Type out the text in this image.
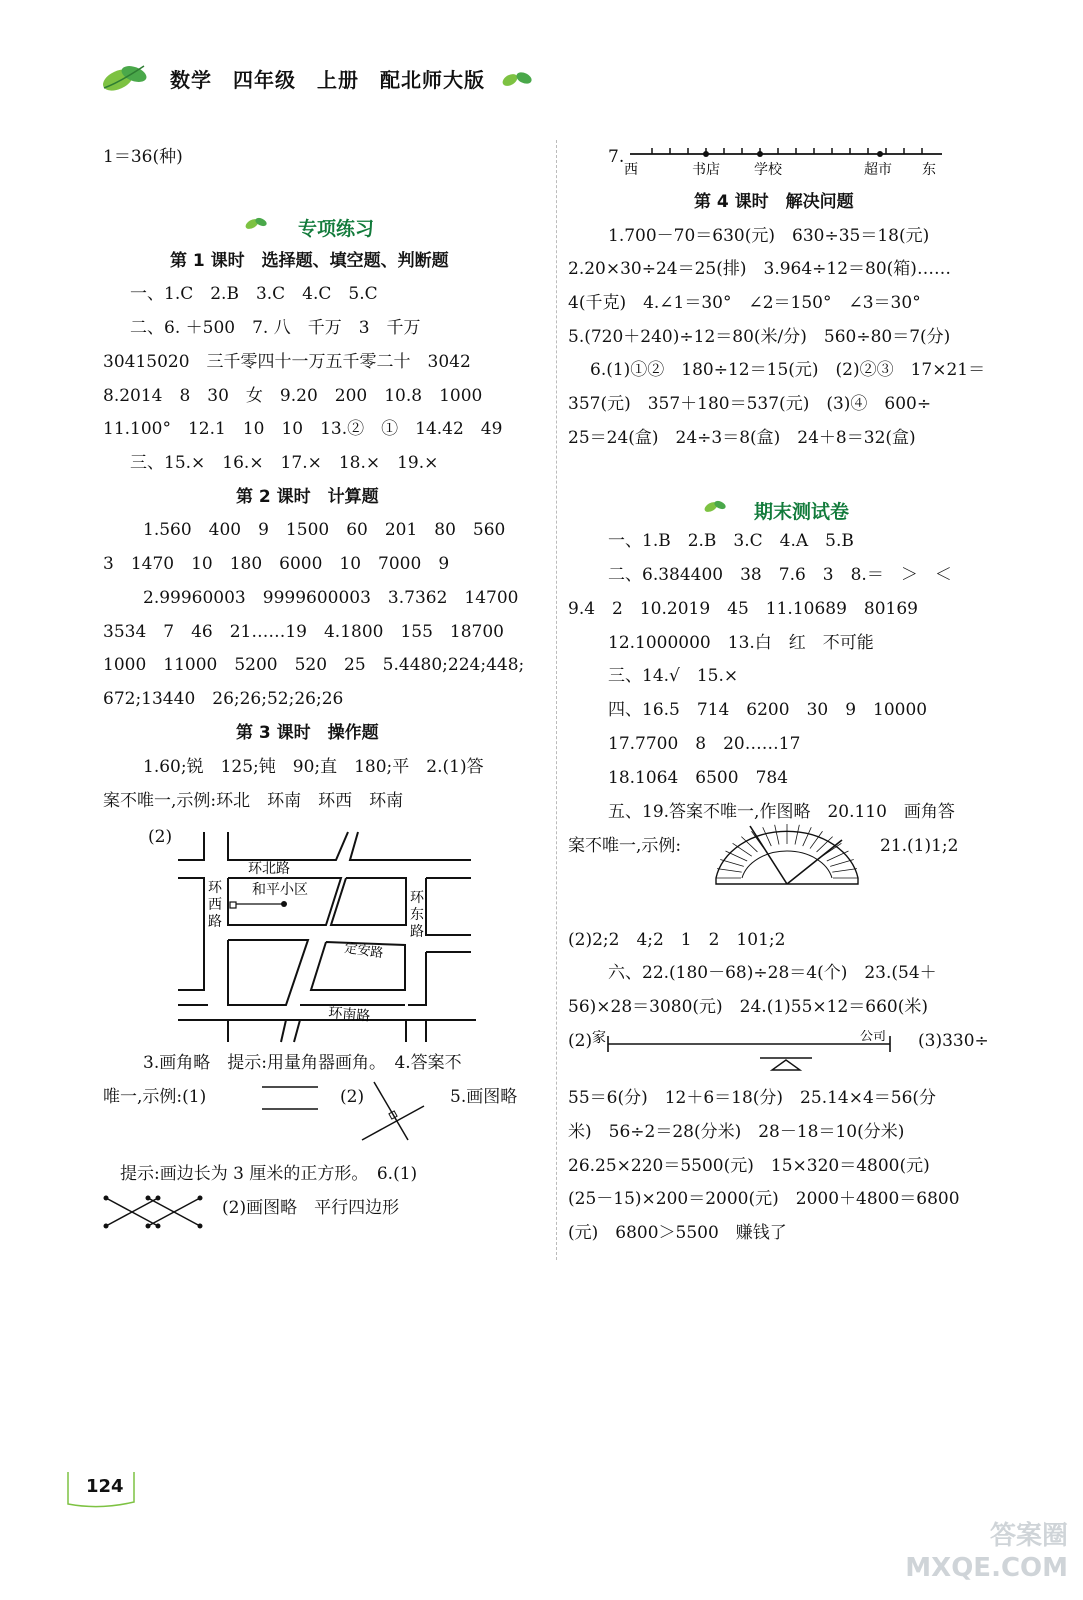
数学　四年级　上册　配北师大版
1＝36(种)
专项练习
第 1 课时　选择题、填空题、判断题
一、1.C　2.B　3.C　4.C　5.C
二、6. ＋500　7. 八　千万　3　千万
30415020　三千零四十一万五千零二十　3042
8.2014　8　30　女　9.20　200　10.8　1000
11.100°　12.1　10　10　13.②　①　14.42　49
三、15.×　16.×　17.×　18.×　19.×
第 2 课时　计算题
1.560　400　9　1500　60　201　80　560
3　1470　10　180　6000　10　7000　9
2.99960003　9999600003　3.7362　14700
3534　7　46　21……19　4.1800　155　18700
1000　11000　5200　520　25　5.4480;224;448;
672;13440　26;26;52;26;26
第 3 课时　操作题
1.60;锐　125;钝　90;直　180;平　2.(1)答
案不唯一,示例:环北　环南　环西　环南
(2)
环北路
和平小区
定安路
环南路
环西路
环东路
3.画角略　提示:用量角器画角。　4.答案不
唯一,示例:(1)	(2)	5.画图略
提示:画边长为 3 厘米的正方形。　6.(1)
(2)画图略　平行四边形
7.
西	书店 学校	超市 东
第 4 课时　解决问题
1.700－70＝630(元)　630÷35＝18(元)
2.20×30÷24＝25(排)　3.964÷12＝80(箱)……
4(千克)　4.∠1＝30°　∠2＝150°　∠3＝30°
5.(720＋240)÷12＝80(米/分)　560÷80＝7(分)
6.(1)①②　180÷12＝15(元)　(2)②③　17×21＝
357(元)　357＋180＝537(元)　(3)④　600÷
25＝24(盒)　24÷3＝8(盒)　24＋8＝32(盒)
期末测试卷
一、1.B　2.B　3.C　4.A　5.B
二、6.384400　38　7.6　3　8.＝　＞　＜
9.4　2　10.2019　45　11.10689　80169
12.1000000　13.白　红　不可能
三、14.√　15.×
四、16.5　714　6200　30　9　10000
17.7700　8　20……17
18.1064　6500　784
五、19.答案不唯一,作图略　20.110　画角答
案不唯一,示例:	21.(1)1;2
(2)2;2　4;2　1　2　101;2
六、22.(180－68)÷28＝4(个)　23.(54＋
56)×28＝3080(元)　24.(1)55×12＝660(米)
(2) 家	公司 (3)330÷
55＝6(分)　12＋6＝18(分)　25.14×4＝56(分
米)　56÷2＝28(分米)　28－18＝10(分米)
26.25×220＝5500(元)　15×320＝4800(元)
(25－15)×200＝2000(元)　2000＋4800＝6800
(元)　6800＞5500　赚钱了
124
答案圈 MXQE.COM
